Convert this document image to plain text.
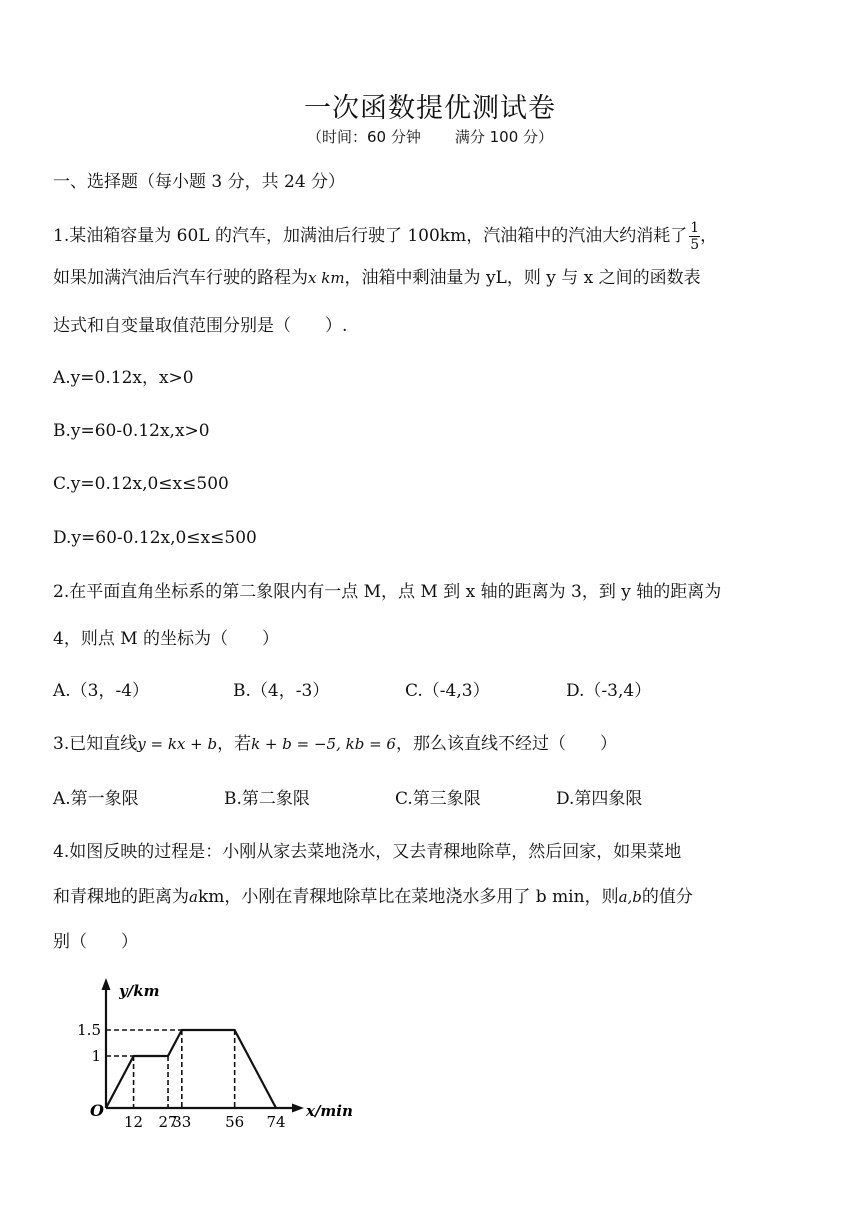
一次函数提优测试卷
（时间：60 分钟 满分 100 分）
一、选择题（每小题 3 分，共 24 分）
1.某油箱容量为 60L 的汽车，加满油后行驶了 100km，汽油箱中的汽油大约消耗了 $\frac{1}{5}$ ，
如果加满汽油后汽车行驶的路程为x km，油箱中剩油量为 yL，则 y 与 x 之间的函数表
达式和自变量取值范围分别是（　　）.
A.y=0.12x，x>0
B.y=60-0.12x,x>0
C.y=0.12x,0≤x≤500
D.y=60-0.12x,0≤x≤500
2.在平面直角坐标系的第二象限内有一点 M，点 M 到 x 轴的距离为 3，到 y 轴的距离为
4，则点 M 的坐标为（　　）
A.（3，-4）	B.（4，-3）	C.（-4,3）	D.（-3,4）
3.已知直线y = kx + b，若k + b = −5, kb = 6，那么该直线不经过（　　）
A.第一象限	B.第二象限	C.第三象限	D.第四象限
4.如图反映的过程是：小刚从家去菜地浇水，又去青稞地除草，然后回家，如果菜地
和青稞地的距离为akm，小刚在青稞地除草比在菜地浇水多用了 b min，则a,b的值分
别（　　）
y/km
x/min
O
1.5
1
12 27
33 56 74
